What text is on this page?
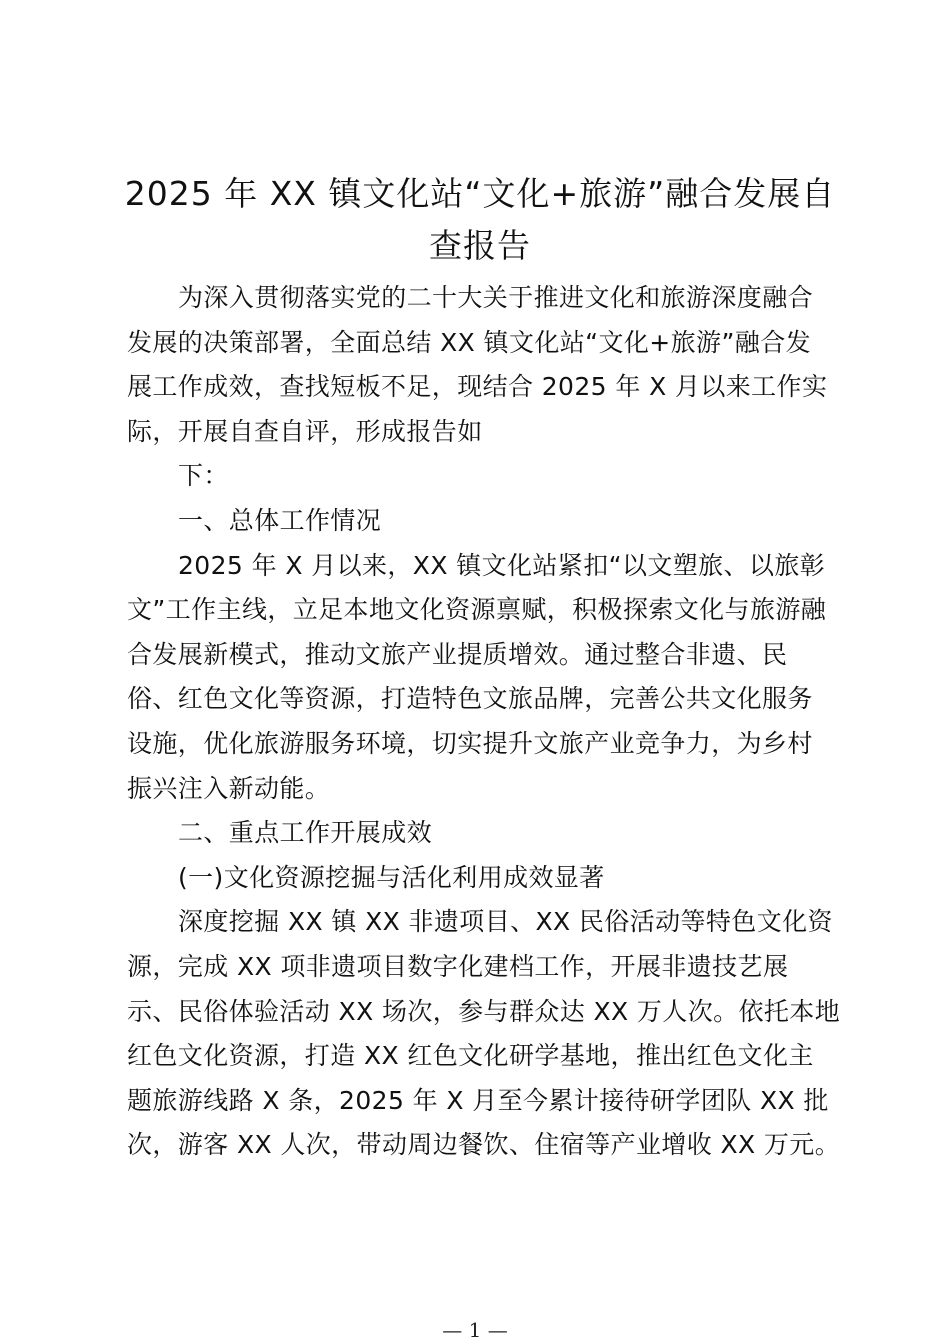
2025 年 XX 镇文化站“文化+旅游”融合发展自
查报告
为深入贯彻落实党的二十大关于推进文化和旅游深度融合
发展的决策部署，全面总结 XX 镇文化站“文化+旅游”融合发
展工作成效，查找短板不足，现结合 2025 年 X 月以来工作实
际，开展自查自评，形成报告如
下：
一、总体工作情况
2025 年 X 月以来，XX 镇文化站紧扣“以文塑旅、以旅彰
文”工作主线，立足本地文化资源禀赋，积极探索文化与旅游融
合发展新模式，推动文旅产业提质增效。通过整合非遗、民
俗、红色文化等资源，打造特色文旅品牌，完善公共文化服务
设施，优化旅游服务环境，切实提升文旅产业竞争力，为乡村
振兴注入新动能。
二、重点工作开展成效
(一)文化资源挖掘与活化利用成效显著
深度挖掘 XX 镇 XX 非遗项目、XX 民俗活动等特色文化资
源，完成 XX 项非遗项目数字化建档工作，开展非遗技艺展
示、民俗体验活动 XX 场次，参与群众达 XX 万人次。依托本地
红色文化资源，打造 XX 红色文化研学基地，推出红色文化主
题旅游线路 X 条，2025 年 X 月至今累计接待研学团队 XX 批
次，游客 XX 人次，带动周边餐饮、住宿等产业增收 XX 万元。
— 1 —
